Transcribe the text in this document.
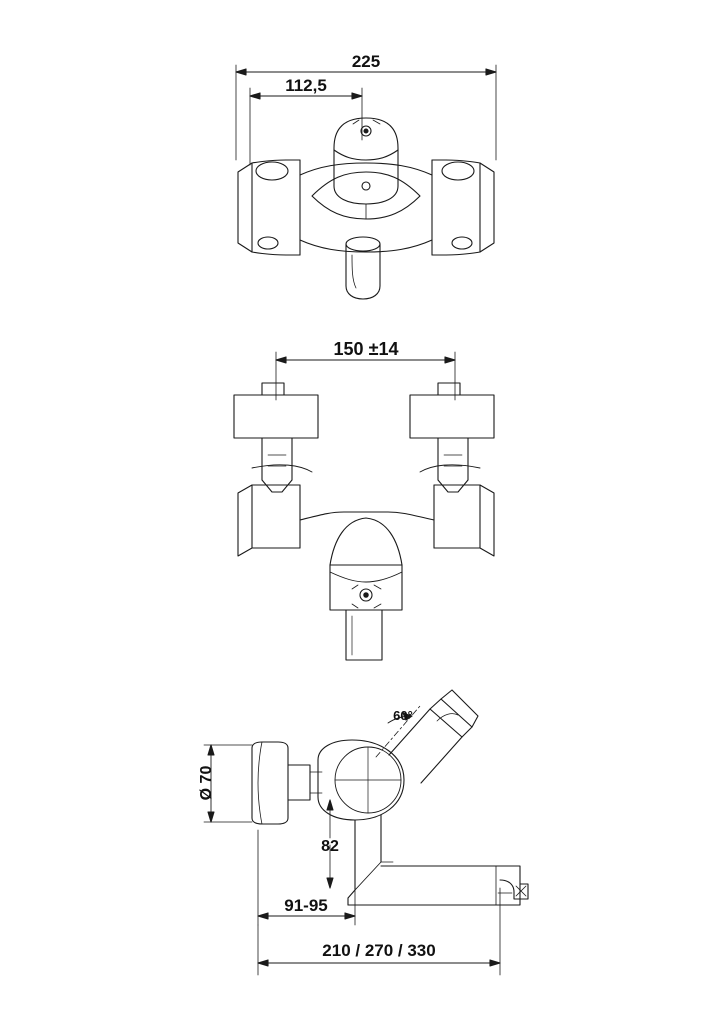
225
112,5
150 ±14
Ø 70
60°
82
91-95
210 / 270 / 330
